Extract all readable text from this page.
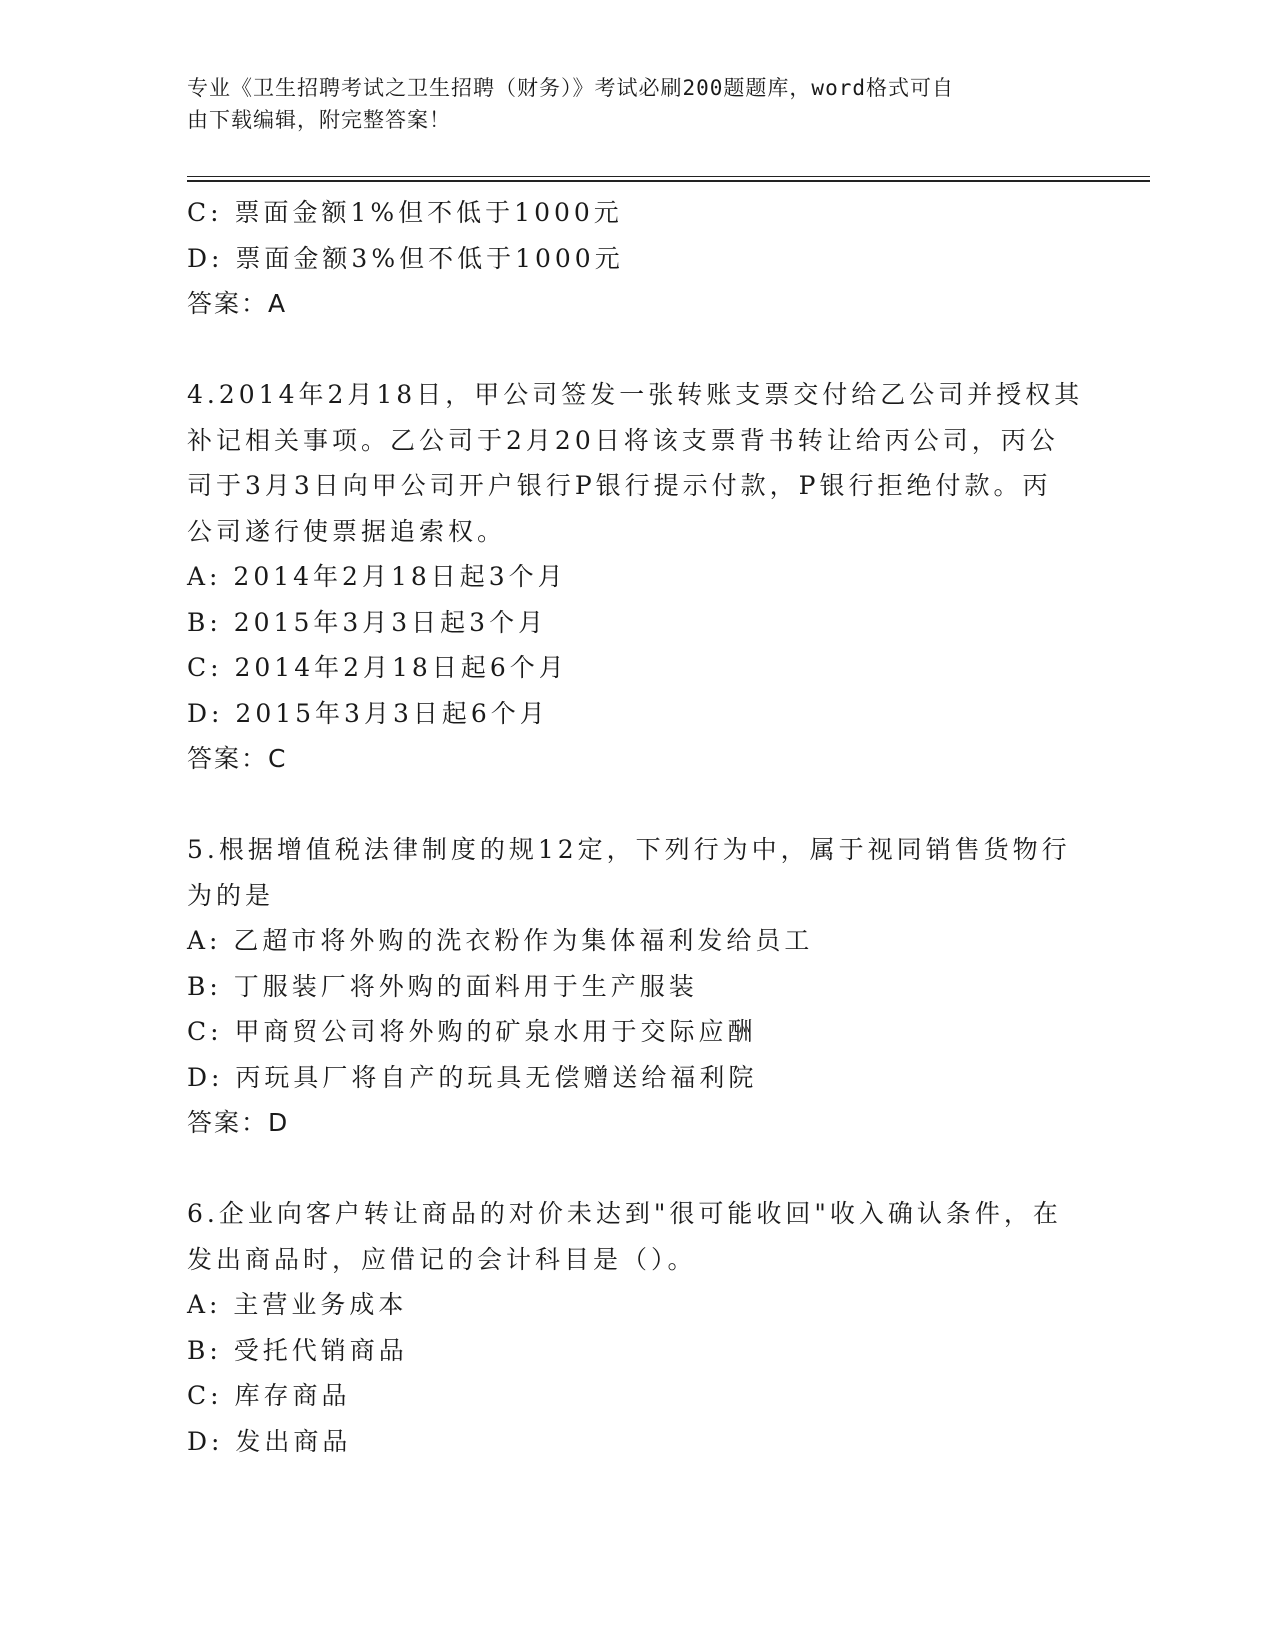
专业《卫生招聘考试之卫生招聘（财务）》考试必刷200题题库，word格式可自
由下载编辑，附完整答案！
C: 票面金额1%但不低于1000元
D: 票面金额3%但不低于1000元
答案：A
4.2014年2月18日，甲公司签发一张转账支票交付给乙公司并授权其
补记相关事项。乙公司于2月20日将该支票背书转让给丙公司，丙公
司于3月3日向甲公司开户银行P银行提示付款，P银行拒绝付款。丙
公司遂行使票据追索权。
A: 2014年2月18日起3个月
B: 2015年3月3日起3个月
C: 2014年2月18日起6个月
D: 2015年3月3日起6个月
答案：C
5.根据增值税法律制度的规12定，下列行为中，属于视同销售货物行
为的是
A: 乙超市将外购的洗衣粉作为集体福利发给员工
B: 丁服装厂将外购的面料用于生产服装
C: 甲商贸公司将外购的矿泉水用于交际应酬
D: 丙玩具厂将自产的玩具无偿赠送给福利院
答案：D
6.企业向客户转让商品的对价未达到"很可能收回"收入确认条件，在
发出商品时，应借记的会计科目是（）。
A: 主营业务成本
B: 受托代销商品
C: 库存商品
D: 发出商品
